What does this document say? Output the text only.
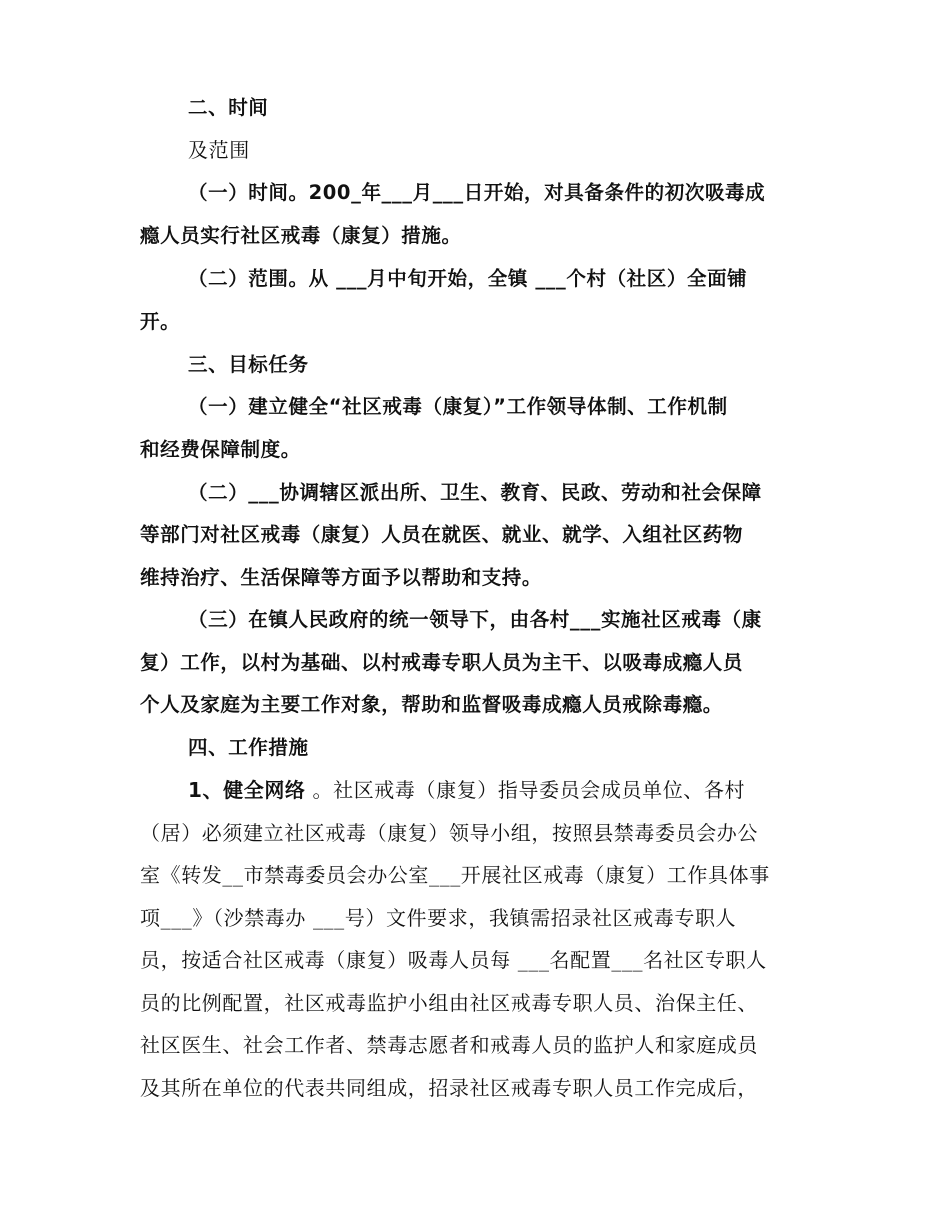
二、时间
及范围
（一）时间。200_年___月___日开始，对具备条件的初次吸毒成
瘾人员实行社区戒毒（康复）措施。
（二）范围。从 ___月中旬开始，全镇 ___个村（社区）全面铺
开。
三、目标任务
（一）建立健全“社区戒毒（康复）”工作领导体制、工作机制
和经费保障制度。
（二）___协调辖区派出所、卫生、教育、民政、劳动和社会保障
等部门对社区戒毒（康复）人员在就医、就业、就学、入组社区药物
维持治疗、生活保障等方面予以帮助和支持。
（三）在镇人民政府的统一领导下，由各村___实施社区戒毒（康
复）工作，以村为基础、以村戒毒专职人员为主干、以吸毒成瘾人员
个人及家庭为主要工作对象，帮助和监督吸毒成瘾人员戒除毒瘾。
四、工作措施
1、健全网络 。社区戒毒（康复）指导委员会成员单位、各村
（居）必须建立社区戒毒（康复）领导小组，按照县禁毒委员会办公
室《转发__市禁毒委员会办公室___开展社区戒毒（康复）工作具体事
项___》（沙禁毒办 ___号）文件要求，我镇需招录社区戒毒专职人
员，按适合社区戒毒（康复）吸毒人员每 ___名配置___名社区专职人
员的比例配置，社区戒毒监护小组由社区戒毒专职人员、治保主任、
社区医生、社会工作者、禁毒志愿者和戒毒人员的监护人和家庭成员
及其所在单位的代表共同组成，招录社区戒毒专职人员工作完成后，
